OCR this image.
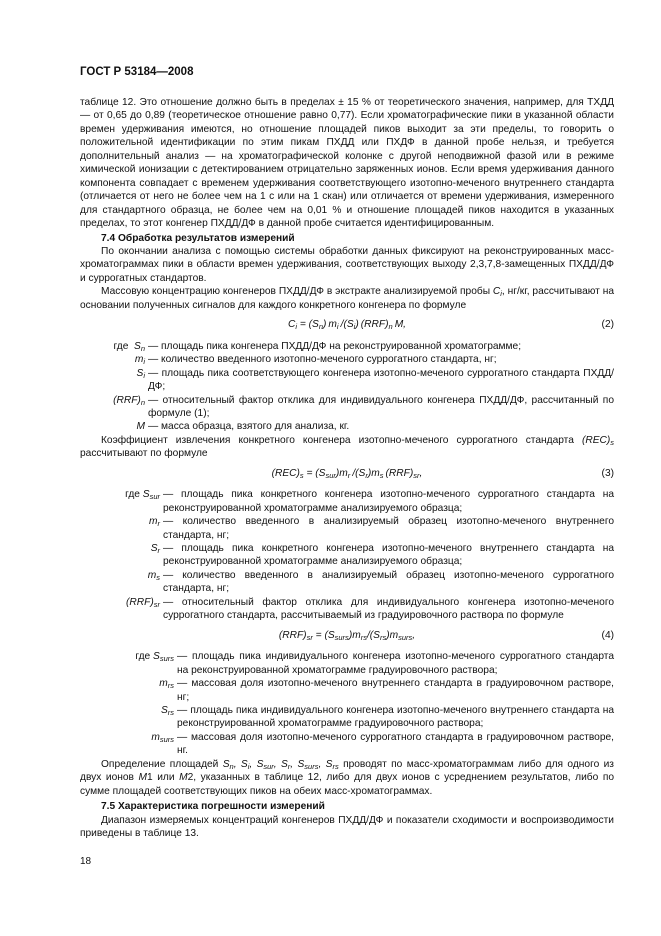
ГОСТ Р 53184—2008
таблице 12. Это отношение должно быть в пределах ± 15 % от теоретического значения, например, для ТХДД — от 0,65 до 0,89 (теоретическое отношение равно 0,77). Если хроматографические пики в указанной области времен удерживания имеются, но отношение площадей пиков выходит за эти пределы, то говорить о положительной идентификации по этим пикам ПХДД или ПХДФ в данной пробе нельзя, и требуется дополнительный анализ — на хроматографической колонке с другой неподвижной фазой или в режиме химической ионизации с детектированием отрицательно заряженных ионов. Если время удерживания данного компонента совпадает с временем удерживания соответствующего изотопно-меченого внутреннего стандарта (отличается от него не более чем на 1 с или на 1 скан) или отличается от времени удерживания, измеренного для стандартного образца, не более чем на 0,01 % и отношение площадей пиков находится в указанных пределах, то этот конгенер ПХДД/ДФ в данной пробе считается идентифицированным.
7.4 Обработка результатов измерений
По окончании анализа с помощью системы обработки данных фиксируют на реконструированных масс-хроматограммах пики в области времен удерживания, соответствующих выходу 2,3,7,8-замещенных ПХДД/ДФ и суррогатных стандартов.
Массовую концентрацию конгенеров ПХДД/ДФ в экстракте анализируемой пробы $C_i$, нг/кг, рассчитывают на основании полученных сигналов для каждого конкретного конгенера по формуле
$C_i = (S_n)$ $m_i$ $/(S_i)$ $(RRF)_n$ M,	(2)
где  $S_n$ — площадь пика конгенера ПХДД/ДФ на реконструированной хроматограмме;
$m_i$ — количество введенного изотопно-меченого суррогатного стандарта, нг;
$S_i$ — площадь пика соответствующего конгенера изотопно-меченого суррогатного стандарта ПХДД/ДФ;
$(RRF)_n$ — относительный фактор отклика для индивидуального конгенера ПХДД/ДФ, рассчитанный по формуле (1);
M — масса образца, взятого для анализа, кг.
Коэффициент извлечения конкретного конгенера изотопно-меченого суррогатного стандарта $(REC)_s$ рассчитывают по формуле
$(REC)_s = (S_{sur})m_r$ $/(S_r)m_s$ $(RRF)_{sr}$,	(3)
где $S_{sur}$ — площадь пика конкретного конгенера изотопно-меченого суррогатного стандарта на реконструированной хроматограмме анализируемого образца;
$m_r$ — количество введенного в анализируемый образец изотопно-меченого внутреннего стандарта, нг;
$S_r$ — площадь пика конкретного конгенера изотопно-меченого внутреннего стандарта на реконструированной хроматограмме анализируемого образца;
$m_s$ — количество введенного в анализируемый образец изотопно-меченого суррогатного стандарта, нг;
$(RRF)_{sr}$ — относительный фактор отклика для индивидуального конгенера изотопно-меченого суррогатного стандарта, рассчитываемый из градуировочного раствора по формуле
$(RRF)_{sr} = (S_{surs})m_{rs}/(S_{rs})m_{surs}$,	(4)
где $S_{surs}$ — площадь пика индивидуального конгенера изотопно-меченого суррогатного стандарта на реконструированной хроматограмме градуировочного раствора;
$m_{rs}$ — массовая доля изотопно-меченого внутреннего стандарта в градуировочном растворе, нг;
$S_{rs}$ — площадь пика индивидуального конгенера изотопно-меченого внутреннего стандарта на реконструированной хроматограмме градуировочного раствора;
$m_{surs}$ — массовая доля изотопно-меченого суррогатного стандарта в градуировочном растворе, нг.
Определение площадей $S_n$, $S_i$, $S_{sur}$, $S_r$, $S_{surs}$, $S_{rs}$ проводят по масс-хроматограммам либо для одного из двух ионов M1 или M2, указанных в таблице 12, либо для двух ионов с усреднением результатов, либо по сумме площадей соответствующих пиков на обеих масс-хроматограммах.
7.5 Характеристика погрешности измерений
Диапазон измеряемых концентраций конгенеров ПХДД/ДФ и показатели сходимости и воспроизводимости приведены в таблице 13.
18
